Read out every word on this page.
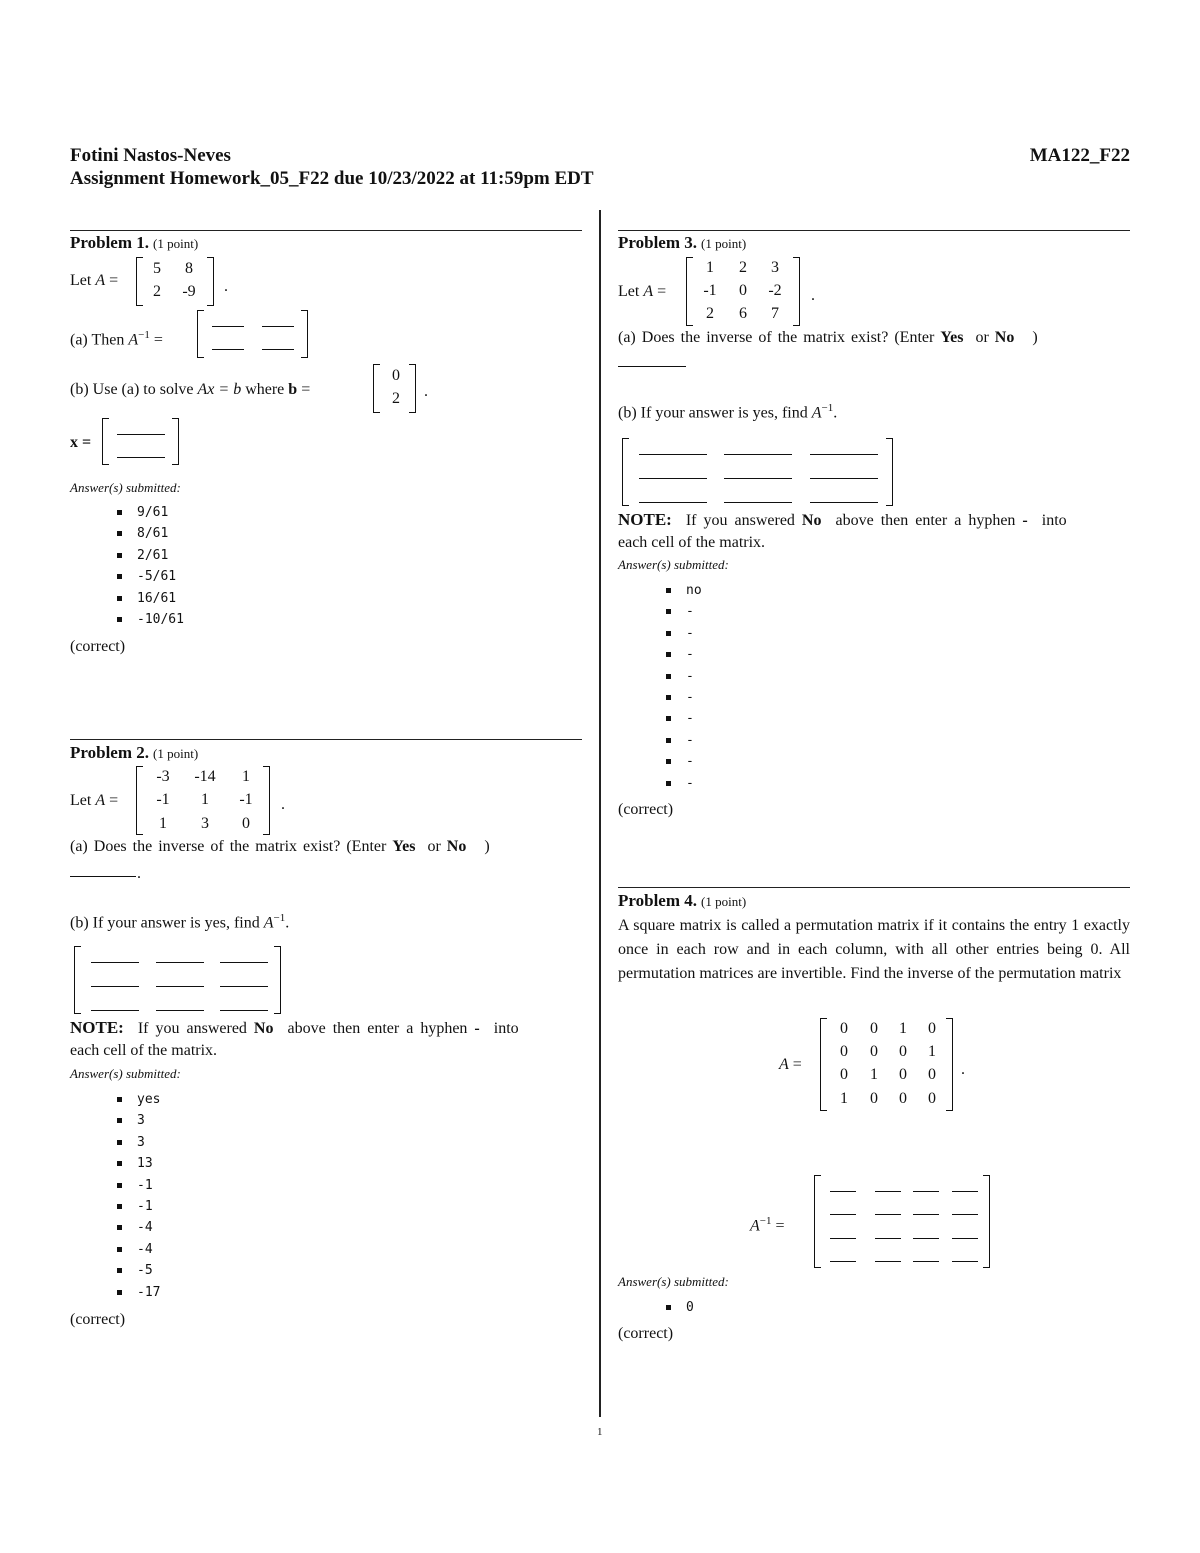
Fotini Nastos-Neves	MA122_F22
Assignment Homework_05_F22 due 10/23/2022 at 11:59pm EDT
Problem 1. (1 point)
Let A =
5	8
2	-9	.
(a) Then $A^{-1}$ =
(b) Use (a) to solve Ax = b where b =
0
2	.
x =
Answer(s) submitted:
9/61
8/61
2/61
-5/61
16/61
-10/61
(correct)
Problem 2. (1 point)
Let A =
-3	-14	1
-1	1	-1
1	3	0
.
(a) Does the inverse of the matrix exist? (Enter Yes or No )
.
(b) If your answer is yes, find $A^{-1}$.
NOTE: If you answered No above then enter a hyphen - into
each cell of the matrix.
Answer(s) submitted:
yes
3
3
13
-1
-1
-4
-4
-5
-17
(correct)
Problem 3. (1 point)
Let A =
1	2	3
-1	0	-2
2	6	7
.
(a) Does the inverse of the matrix exist? (Enter Yes or No )
(b) If your answer is yes, find $A^{-1}$.
NOTE: If you answered No above then enter a hyphen - into
each cell of the matrix.
Answer(s) submitted:
no
-
-
-
-
-
-
-
-
-
(correct)
Problem 4. (1 point)
A square matrix is called a permutation matrix if it contains the entry 1 exactly once in each row and in each column, with all other entries being 0. All permutation matrices are invertible. Find the inverse of the permutation matrix
A =
0	0	1	0
0	0	0	1
0	1	0	0
1	0	0	0
.
$A^{-1}$ =
Answer(s) submitted:
0
(correct)
1
